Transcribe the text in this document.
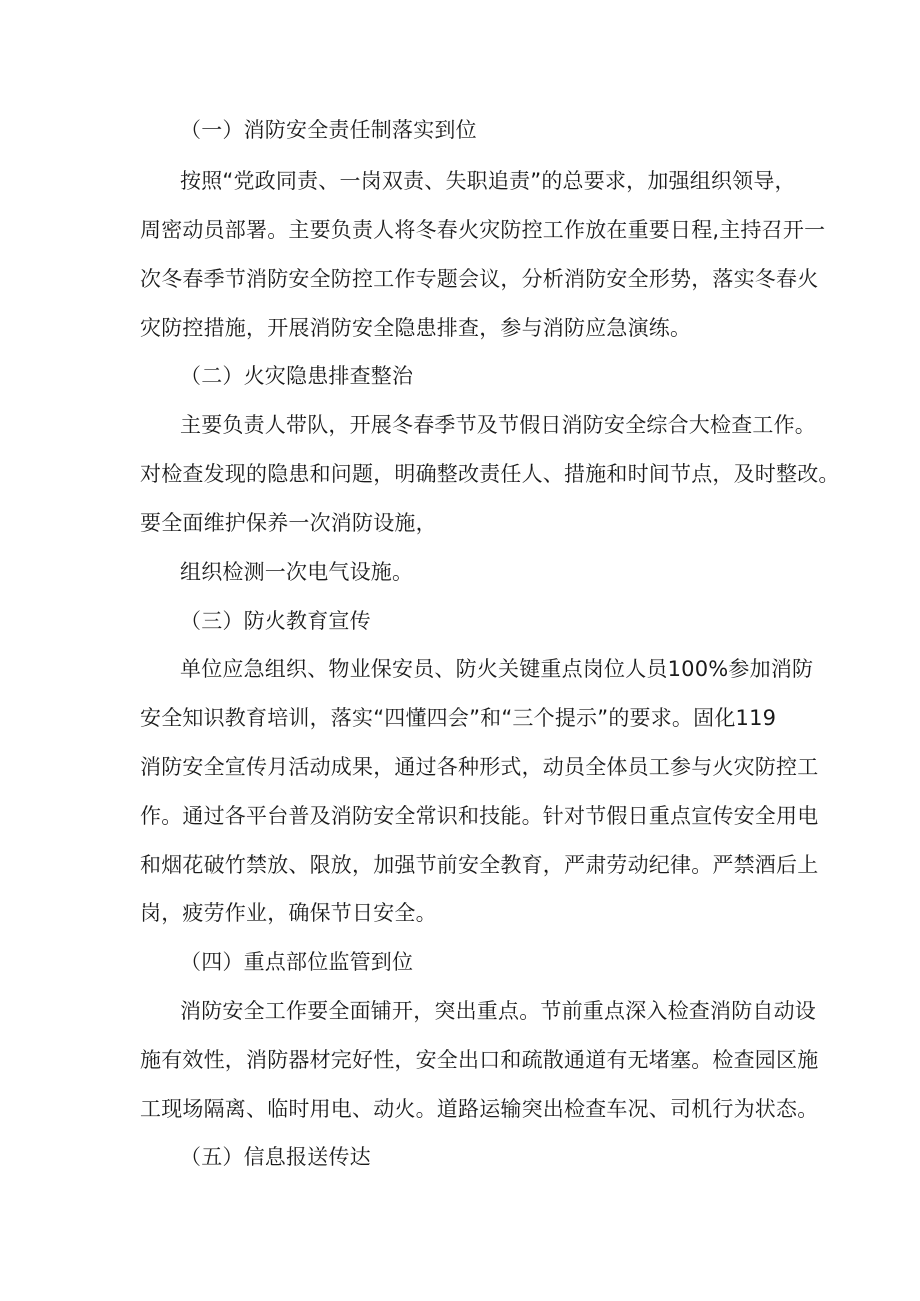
（一）消防安全责任制落实到位
按照“党政同责、一岗双责、失职追责”的总要求，加强组织领导，
周密动员部署。主要负责人将冬春火灾防控工作放在重要日程,主持召开一
次冬春季节消防安全防控工作专题会议，分析消防安全形势，落实冬春火
灾防控措施，开展消防安全隐患排查，参与消防应急演练。
（二）火灾隐患排查整治
主要负责人带队，开展冬春季节及节假日消防安全综合大检查工作。
对检查发现的隐患和问题，明确整改责任人、措施和时间节点，及时整改。
要全面维护保养一次消防设施，
组织检测一次电气设施。
（三）防火教育宣传
单位应急组织、物业保安员、防火关键重点岗位人员100%参加消防
安全知识教育培训，落实“四懂四会”和“三个提示”的要求。固化119
消防安全宣传月活动成果，通过各种形式，动员全体员工参与火灾防控工
作。通过各平台普及消防安全常识和技能。针对节假日重点宣传安全用电
和烟花破竹禁放、限放，加强节前安全教育，严肃劳动纪律。严禁酒后上
岗，疲劳作业，确保节日安全。
（四）重点部位监管到位
消防安全工作要全面铺开，突出重点。节前重点深入检查消防自动设
施有效性，消防器材完好性，安全出口和疏散通道有无堵塞。检查园区施
工现场隔离、临时用电、动火。道路运输突出检查车况、司机行为状态。
（五）信息报送传达
